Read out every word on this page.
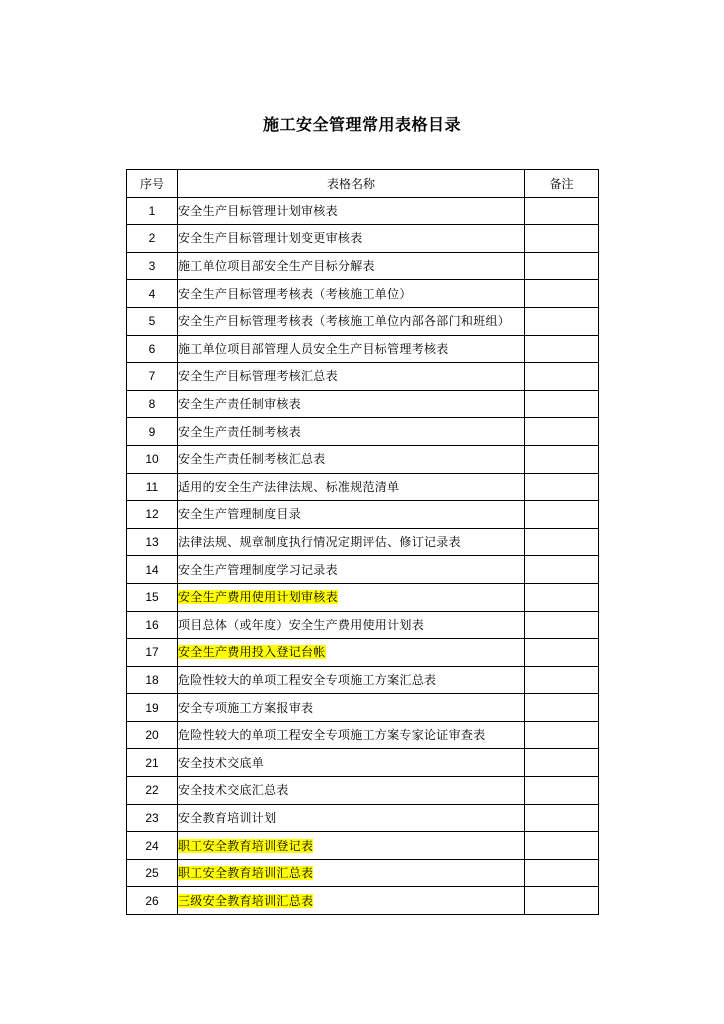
施工安全管理常用表格目录
序号	表格名称	备注
1	安全生产目标管理计划审核表	
2	安全生产目标管理计划变更审核表	
3	施工单位项目部安全生产目标分解表	
4	安全生产目标管理考核表（考核施工单位）	
5	安全生产目标管理考核表（考核施工单位内部各部门和班组）	
6	施工单位项目部管理人员安全生产目标管理考核表	
7	安全生产目标管理考核汇总表	
8	安全生产责任制审核表	
9	安全生产责任制考核表	
10	安全生产责任制考核汇总表	
11	适用的安全生产法律法规、标准规范清单	
12	安全生产管理制度目录	
13	法律法规、规章制度执行情况定期评估、修订记录表	
14	安全生产管理制度学习记录表	
15	安全生产费用使用计划审核表	
16	项目总体（或年度）安全生产费用使用计划表	
17	安全生产费用投入登记台帐	
18	危险性较大的单项工程安全专项施工方案汇总表	
19	安全专项施工方案报审表	
20	危险性较大的单项工程安全专项施工方案专家论证审查表	
21	安全技术交底单	
22	安全技术交底汇总表	
23	安全教育培训计划	
24	职工安全教育培训登记表	
25	职工安全教育培训汇总表	
26	三级安全教育培训汇总表	
